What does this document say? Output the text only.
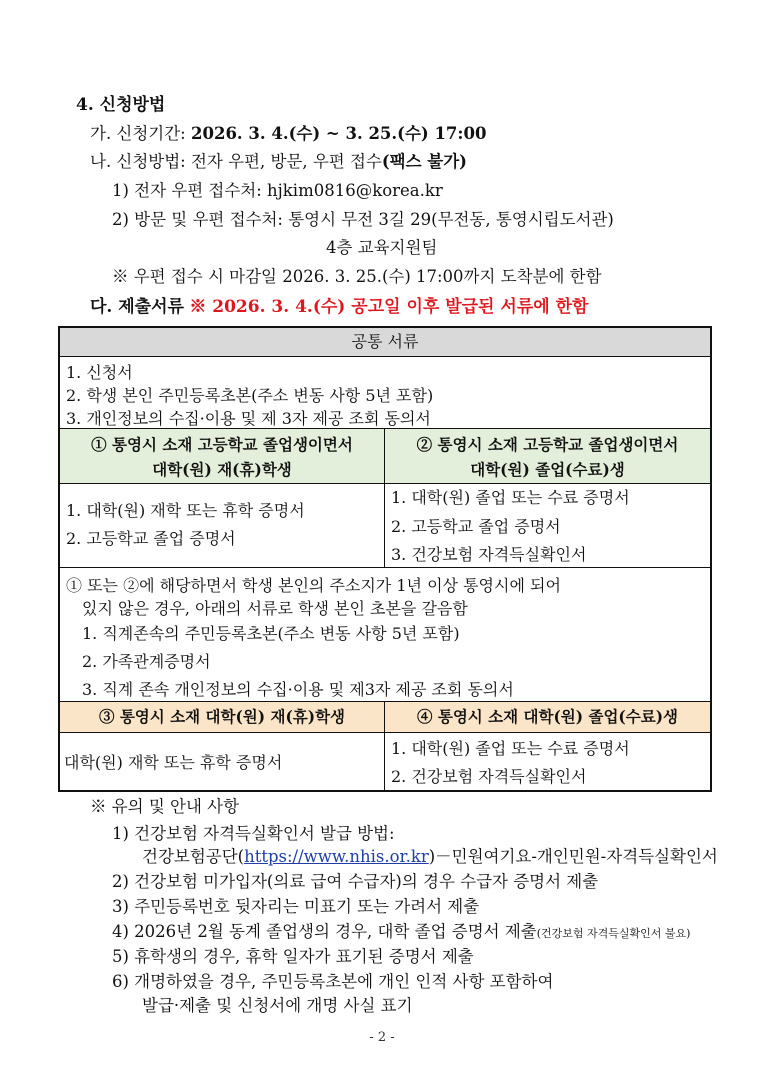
4. 신청방법
가. 신청기간: 2026. 3. 4.(수) ~ 3. 25.(수) 17:00
나. 신청방법: 전자 우편, 방문, 우편 접수(팩스 불가)
1) 전자 우편 접수처: hjkim0816@korea.kr
2) 방문 및 우편 접수처: 통영시 무전 3길 29(무전동, 통영시립도서관)
4층 교육지원팀
※ 우편 접수 시 마감일 2026. 3. 25.(수) 17:00까지 도착분에 한함
다. 제출서류 ※ 2026. 3. 4.(수) 공고일 이후 발급된 서류에 한함
공통 서류
1. 신청서
2. 학생 본인 주민등록초본(주소 변동 사항 5년 포함)
3. 개인정보의 수집·이용 및 제 3자 제공 조회 동의서
① 통영시 소재 고등학교 졸업생이면서
대학(원) 재(휴)학생
② 통영시 소재 고등학교 졸업생이면서
대학(원) 졸업(수료)생
1. 대학(원) 재학 또는 휴학 증명서
2. 고등학교 졸업 증명서
1. 대학(원) 졸업 또는 수료 증명서
2. 고등학교 졸업 증명서
3. 건강보험 자격득실확인서
① 또는 ②에 해당하면서 학생 본인의 주소지가 1년 이상 통영시에 되어
있지 않은 경우, 아래의 서류로 학생 본인 초본을 갈음함
1. 직계존속의 주민등록초본(주소 변동 사항 5년 포함)
2. 가족관계증명서
3. 직계 존속 개인정보의 수집·이용 및 제3자 제공 조회 동의서
③ 통영시 소재 대학(원) 재(휴)학생	④ 통영시 소재 대학(원) 졸업(수료)생
대학(원) 재학 또는 휴학 증명서
1. 대학(원) 졸업 또는 수료 증명서
2. 건강보험 자격득실확인서
※ 유의 및 안내 사항
1) 건강보험 자격득실확인서 발급 방법:
건강보험공단(https://www.nhis.or.kr)－민원여기요-개인민원-자격득실확인서
2) 건강보험 미가입자(의료 급여 수급자)의 경우 수급자 증명서 제출
3) 주민등록번호 뒷자리는 미표기 또는 가려서 제출
4) 2026년 2월 동계 졸업생의 경우, 대학 졸업 증명서 제출(건강보험 자격득실확인서 불요)
5) 휴학생의 경우, 휴학 일자가 표기된 증명서 제출
6) 개명하였을 경우, 주민등록초본에 개인 인적 사항 포함하여
발급·제출 및 신청서에 개명 사실 표기
- 2 -
